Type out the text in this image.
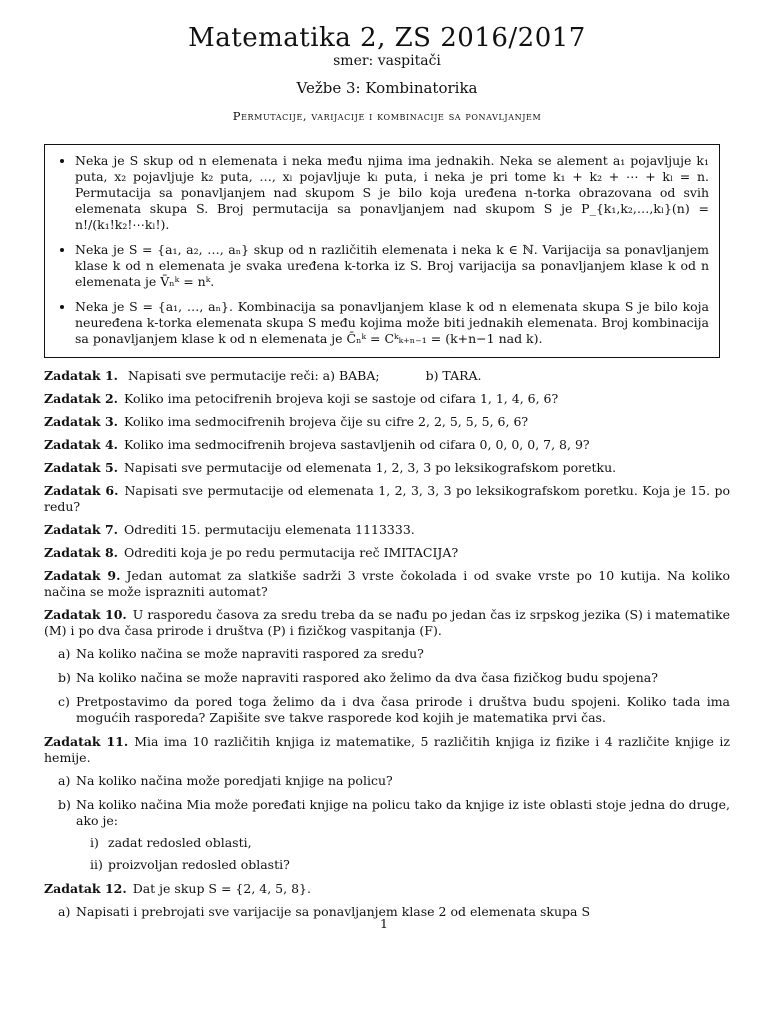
Matematika 2, ZS 2016/2017
smer: vaspitači
Vežbe 3: Kombinatorika
Permutacije, varijacije i kombinacije sa ponavljanjem
• Neka je S skup od n elemenata i neka među njima ima jednakih. Neka se alement a₁ pojavljuje k₁ puta, x₂ pojavljuje k₂ puta, …, xₗ pojavljuje kₗ puta, i neka je pri tome k₁ + k₂ + ⋯ + kₗ = n. Permutacija sa ponavljanjem nad skupom S je bilo koja uređena n-torka obrazovana od svih elemenata skupa S. Broj permutacija sa ponavljanjem nad skupom S je P_{k₁,k₂,…,kₗ}(n) = n!/(k₁!k₂!⋯kₗ!).
• Neka je S = {a₁, a₂, …, aₙ} skup od n različitih elemenata i neka k ∈ ℕ. Varijacija sa ponavljanjem klase k od n elemenata je svaka uređena k-torka iz S. Broj varijacija sa ponavljanjem klase k od n elemenata je V̄ₙᵏ = nᵏ.
• Neka je S = {a₁, …, aₙ}. Kombinacija sa ponavljanjem klase k od n elemenata skupa S je bilo koja neuređena k-torka elemenata skupa S među kojima može biti jednakih elemenata. Broj kombinacija sa ponavljanjem klase k od n elemenata je C̄ₙᵏ = Cᵏₖ₊ₙ₋₁ = (k+n−1 nad k).

Zadatak 1. Napisati sve permutacije reči: a) BABA;	b) TARA.

Zadatak 2. Koliko ima petocifrenih brojeva koji se sastoje od cifara 1, 1, 4, 6, 6?

Zadatak 3. Koliko ima sedmocifrenih brojeva čije su cifre 2, 2, 5, 5, 5, 6, 6?

Zadatak 4. Koliko ima sedmocifrenih brojeva sastavljenih od cifara 0, 0, 0, 0, 7, 8, 9?

Zadatak 5. Napisati sve permutacije od elemenata 1, 2, 3, 3 po leksikografskom poretku.

Zadatak 6. Napisati sve permutacije od elemenata 1, 2, 3, 3, 3 po leksikografskom poretku. Koja je 15. po redu?

Zadatak 7. Odrediti 15. permutaciju elemenata 1113333.

Zadatak 8. Odrediti koja je po redu permutacija reč IMITACIJA?

Zadatak 9. Jedan automat za slatkiše sadrži 3 vrste čokolada i od svake vrste po 10 kutija. Na koliko načina se može isprazniti automat?

Zadatak 10. U rasporedu časova za sredu treba da se nađu po jedan čas iz srpskog jezika (S) i matematike (M) i po dva časa prirode i društva (P) i fizičkog vaspitanja (F).

a) Na koliko načina se može napraviti raspored za sredu?
b) Na koliko načina se može napraviti raspored ako želimo da dva časa fizičkog budu spojena?
c) Pretpostavimo da pored toga želimo da i dva časa prirode i društva budu spojeni. Koliko tada ima mogućih rasporeda? Zapišite sve takve rasporede kod kojih je matematika prvi čas.

Zadatak 11. Mia ima 10 različitih knjiga iz matematike, 5 različitih knjiga iz fizike i 4 različite knjige iz hemije.

a) Na koliko načina može poredjati knjige na policu?
b) Na koliko načina Mia može poređati knjige na policu tako da knjige iz iste oblasti stoje jedna do druge, ako je:
i) zadat redosled oblasti,
ii) proizvoljan redosled oblasti?

Zadatak 12. Dat je skup S = {2, 4, 5, 8}.

a) Napisati i prebrojati sve varijacije sa ponavljanjem klase 2 od elemenata skupa S
1
